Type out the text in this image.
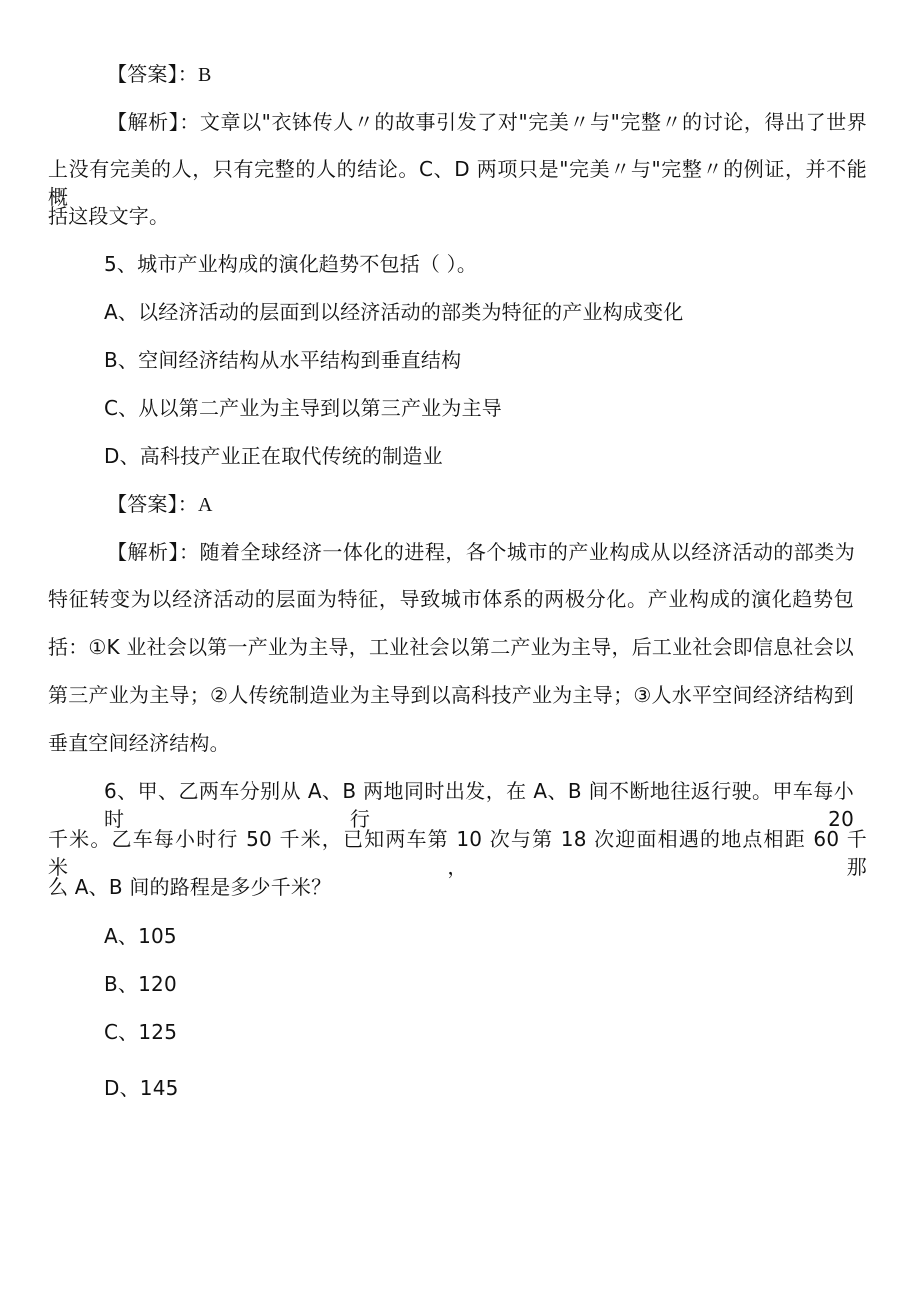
【答案】：B
【解析】：文章以"衣钵传人〃的故事引发了对"完美〃与"完整〃的讨论，得出了世界
上没有完美的人，只有完整的人的结论。C、D 两项只是"完美〃与"完整〃的例证，并不能概
括这段文字。
5、城市产业构成的演化趋势不包括（ ）。
A、以经济活动的层面到以经济活动的部类为特征的产业构成变化
B、空间经济结构从水平结构到垂直结构
C、从以第二产业为主导到以第三产业为主导
D、高科技产业正在取代传统的制造业
【答案】：A
【解析】：随着全球经济一体化的进程，各个城市的产业构成从以经济活动的部类为
特征转变为以经济活动的层面为特征，导致城市体系的两极分化。产业构成的演化趋势包
括：①K 业社会以第一产业为主导，工业社会以第二产业为主导，后工业社会即信息社会以
第三产业为主导；②人传统制造业为主导到以高科技产业为主导；③人水平空间经济结构到
垂直空间经济结构。
6、甲、乙两车分别从 A、B 两地同时出发，在 A、B 间不断地往返行驶。甲车每小时行 20
千米。乙车每小时行 50 千米，已知两车第 10 次与第 18 次迎面相遇的地点相距 60 千米，那
么 A、B 间的路程是多少千米？
A、105
B、120
C、125
D、145
